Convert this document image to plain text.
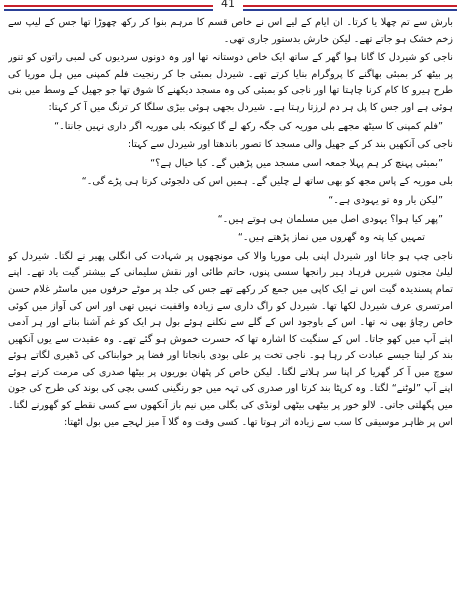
41

بارش سے تم چھلا یا کرتا۔ ان ایام کے لیے اس نے خاص قسم کا مرہم بنوا کر رکھ چھوڑا تھا جس کے لیپ سے زخم خشک ہو جاتے تھے۔ لیکن خارش بدستور جاری تھی۔

ناجی کو شیردل کا گانا ہوا گھر کے ساتھ ایک خاص دوستانہ تھا اور وہ دونوں سردیوں کی لمبی راتوں کو تنور پر بیٹھ کر بمبئی بھاگنے کا پروگرام بنایا کرتے تھے۔ شیردل بمبئی جا کر رنجیت فلم کمپنی میں ہل موریا کی طرح ہیرو کا کام کرنا چاہتا تھا اور ناجی کو بمبئی کی وہ مسجد دیکھنے کا شوق تھا جو جھیل کے وسط میں بنی ہوئی ہے اور جس کا پل ہر دم لرزتا رہتا ہے۔ شیردل بجھی ہوئی بیڑی سلگا کر ترنگ میں آ کر کہتا:

”فلم کمپنی کا سیٹھ مجھے بلی موریہ کی جگہ رکھ لے گا کیونکہ بلی موریہ اگر داری نہیں جانتا۔“

ناجی کی آنکھیں بند کر کے جھیل والی مسجد کا تصور باندھتا اور شیردل سے کہتا:

”بمبئی پہنچ کر ہم پہلا جمعہ اسی مسجد میں پڑھیں گے۔ کیا خیال ہے؟“

بلی موریہ کے پاس مجھ کو بھی ساتھ لے چلیں گے۔ ہمیں اس کی دلجوئی کرتا ہی پڑے گی۔“

”لیکن یار وہ تو یہودی ہے۔“

”پھر کیا ہوا؟ یہودی اصل میں مسلمان ہی ہوتے ہیں۔“

تمہیں کیا پتہ وہ گھروں میں نماز پڑھتے ہیں۔“

ناجی چپ ہو جاتا اور شیردل اپنی بلی موریا والا کی مونچھوں پر شہادت کی انگلی پھیر نے لگتا۔ شیردل کو لیلیٰ مجنوں شیریں فرہاد ہیر رانجھا سسی پنوں، حاتم طائی اور نقش سلیمانی کے بیشتر گیت یاد تھے۔ اپنے تمام پسندیدہ گیت اس نے ایک کاپی میں جمع کر رکھے تھے جس کی جلد پر موٹے حرفوں میں ماسٹر غلام حسن امرتسری عرف شیردل لکھا تھا۔ شیردل کو راگ داری سے زیادہ واقفیت نہیں تھی اور اس کی آواز میں کوئی خاص رچاؤ بھی نہ تھا۔ اس کے باوجود اس کے گلے سے نکلنے ہوئے بول ہر ایک کو غم آشنا بناتے اور ہر آدمی اپنے آپ میں کھو جاتا۔ اس کے سنگیت کا اشارہ تھا کہ حسرت خموش ہو گئے تھے۔ وہ عقیدت سے یوں آنکھیں بند کر لیتا جیسے عبادت کر رہا ہو۔ ناجی تخت پر علی بودی بانجاتا اور فضا پر خوابناکی کی ڈھیری لگاتے ہوئے سوچ میں آ کر گھریا کر اپنا سر ہلاتے لگتا۔ لیکن خاص کر پٹھان بوریوں پر بیٹھا صدری کی مرمت کرتے ہوئے اپنے آپ ”لوٹنے“ لگتا۔ وہ کرپٹا بند کرتا اور صدری کی تہہ میں جو رنگینی کسی بچی کی بوند کی طرح کی جون میں پگھلتی جاتی۔ لالو خور پر بیٹھی بیٹھی لونڈی کی بگلی میں نیم باز آنکھوں سے کسی نقطے کو گھورنے لگتا۔ اس پر ظاہر موسیقی کا سب سے زیادہ اثر ہوتا تھا۔ کسی وقت وہ گلا آ میز لہجے میں بول اٹھتا:
